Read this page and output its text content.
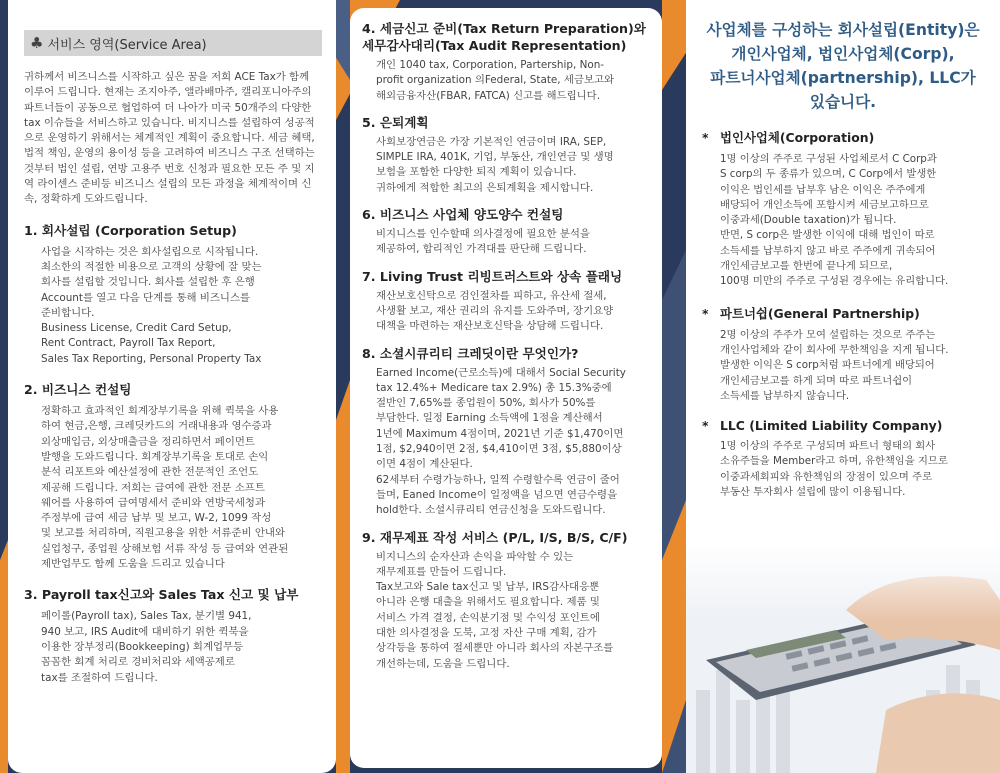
♣ 서비스 영역(Service Area)

귀하께서 비즈니스를 시작하고 싶은 꿈을 저희 ACE Tax가 함께 이루어 드립니다. 현재는 조지아주, 앨라배마주, 캘리포니아주의 파트너들이 공동으로 협업하여 더 나아가 미국 50개주의 다양한 tax 이슈들을 서비스하고 있습니다. 비지니스를 설립하여 성공적으로 운영하기 위해서는 체계적인 계획이 중요합니다. 세금 혜택, 법적 책임, 운영의 용이성 등을 고려하여 비즈니스 구조 선택하는 것부터 법인 설립, 연방 고용주 번호 신청과 필요한 모든 주 및 지역 라이센스 준비등 비즈니스 설립의 모든 과정을 체계적이며 신속, 정확하게 도와드립니다.

1. 회사설립 (Corporation Setup)
사업을 시작하는 것은 회사설립으로 시작됩니다.
최소한의 적절한 비용으로 고객의 상황에 잘 맞는
회사를 설립할 것입니다. 회사를 설립한 후 은행
Account를 열고 다음 단계를 통해 비즈니스를
준비합니다.
Business License, Credit Card Setup,
Rent Contract, Payroll Tax Report,
Sales Tax Reporting, Personal Property Tax
2. 비즈니스 컨설팅
정확하고 효과적인 회계장부기록을 위해 퀵북을 사용
하여 현금,은행, 크레딧카드의 거래내용과 영수증과
외상매입금, 외상매출금을 정리하면서 페이먼트
발행을 도와드립니다. 회계장부기록을 토대로 손익
분석 리포트와 예산설정에 관한 전문적인 조언도
제공해 드립니다. 저희는 급여에 관한 전문 소프트
웨어를 사용하여 급여명세서 준비와 연방국세청과
주정부에 급여 세금 납부 및 보고, W-2, 1099 작성
및 보고를 처리하며, 직원고용을 위한 서류준비 안내와
실업청구, 종업원 상해보험 서류 작성 등 급여와 연관된
제반업무도 함께 도움을 드리고 있습니다
3. Payroll tax신고와 Sales Tax 신고 및 납부
페이롤(Payroll tax), Sales Tax, 분기별 941,
940 보고, IRS Audit에 대비하기 위한 퀵북을
이용한 장부정리(Bookkeeping) 회계업무등
꼼꼼한 회계 처리로 경비처리와 세액공제로
tax를 조절하여 드립니다.
4. 세금신고 준비(Tax Return Preparation)와
세무감사대리(Tax Audit Representation)
개인 1040 tax, Corporation, Partership, Non-
profit organization 의Federal, State, 세금보고와
해외금융자산(FBAR, FATCA) 신고를 해드립니다.
5. 은퇴계획
사회보장연금은 가장 기본적인 연금이며 IRA, SEP,
SIMPLE IRA, 401K, 기업, 부동산, 개인연금 및 생명
보험을 포함한 다양한 퇴직 계획이 있습니다.
귀하에게 적합한 최고의 은퇴계획을 제시합니다.
6. 비즈니스 사업체 양도양수 컨설팅
비지니스를 인수할때 의사결정에 필요한 분석을
제공하여, 합리적인 가격대를 판단해 드립니다.
7. Living Trust 리빙트러스트와 상속 플래닝
재산보호신탁으로 검인절차를 피하고, 유산세 절세,
사생활 보고, 재산 권리의 유지를 도와주며, 장기요양
대책을 마련하는 재산보호신탁을 상담해 드립니다.
8. 소셜시큐리티 크레딧이란 무엇인가?
Earned Income(근로소득)에 대해서 Social Security
tax 12.4%+ Medicare tax 2.9%) 총 15.3%중에
절반인 7,65%를 종업원이 50%, 회사가 50%를
부담한다. 일정 Earning 소득액에 1점을 계산해서
1년에 Maximum 4점이며, 2021년 기준 $1,470이면
1점, $2,940이면 2점, $4,410이면 3점, $5,880이상
이면 4점이 계산된다.
62세부터 수령가능하나, 일찍 수령할수록 연금이 줄어
들며, Eaned Income이 일정액을 넘으면 연금수령을
hold한다. 소셜시큐리티 연금신청을 도와드립니다.
9. 재무제표 작성 서비스 (P/L, I/S, B/S, C/F)
비지니스의 순자산과 손익을 파악할 수 있는
재무제표를 만들어 드립니다.
Tax보고와 Sale tax신고 및 납부, IRS감사대응뿐
아니라 은행 대출을 위해서도 필요합니다. 제품 및
서비스 가격 결정, 손익분기점 및 수익성 포인트에
대한 의사결정을 도북, 고정 자산 구매 계획, 감가
상각등을 통하여 절세뿐만 아니라 회사의 자본구조를
개선하는데, 도움을 드립니다.
사업체를 구성하는 회사설립(Entity)은
개인사업체, 법인사업체(Corp),
파트너사업체(partnership), LLC가
있습니다.
* 법인사업체(Corporation)
1명 이상의 주주로 구성된 사업체로서 C Corp과
S corp의 두 종류가 있으며, C Corp에서 발생한
이익은 법인세를 납부후 남은 이익은 주주에게
배당되어 개인소득에 포함시켜 세금보고하므로
이중과세(Double taxation)가 됩니다.
반면, S corp은 발생한 이익에 대해 법인이 따로
소득세를 납부하지 않고 바로 주주에게 귀속되어
개인세금보고를 한번에 끝나게 되므로,
100명 미만의 주주로 구성된 경우에는 유리합니다.
* 파트너쉽(General Partnership)
2명 이상의 주주가 모여 설립하는 것으로 주주는
개인사업체와 같이 회사에 무한책임을 지게 됩니다.
발생한 이익은 S corp처럼 파트너에게 배당되어
개인세금보고를 하게 되며 따로 파트너쉽이
소득세를 납부하지 않습니다.
* LLC (Limited Liability Company)
1명 이상의 주주로 구성되며 파트너 형태의 회사
소유주들을 Member라고 하며, 유한책임을 지므로
이중과세회피와 유한책임의 장점이 있으며 주로
부동산 투자회사 설립에 많이 이용됩니다.
